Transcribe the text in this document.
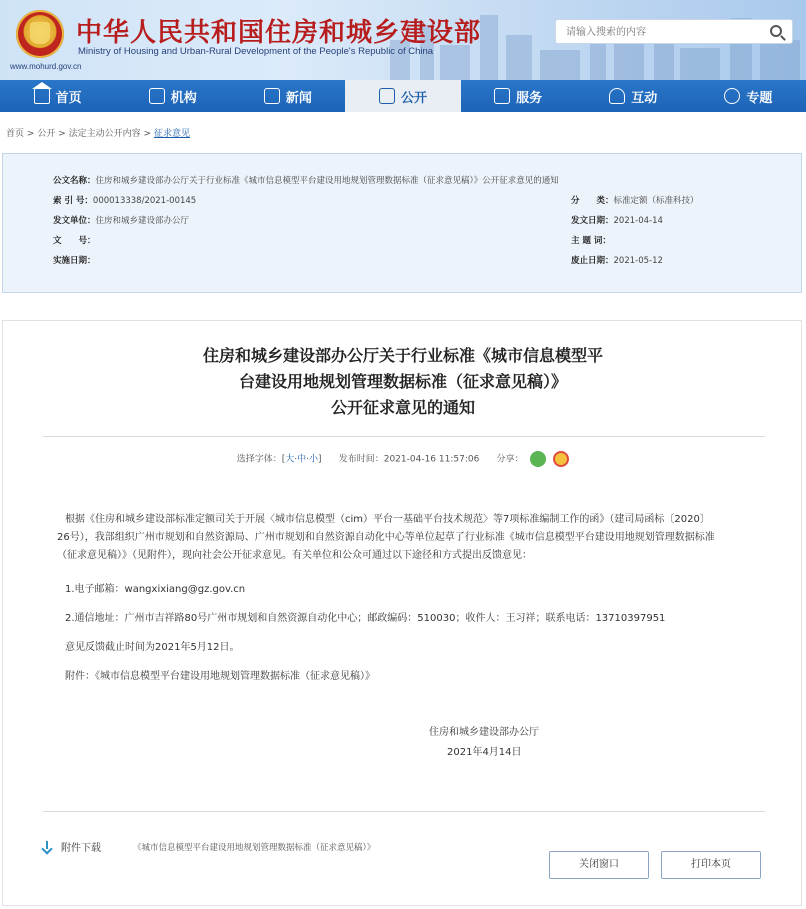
中华人民共和国住房和城乡建设部
Ministry of Housing and Urban-Rural Development of the People's Republic of China
www.mohurd.gov.cn
请输入搜索的内容
首页	机构	新闻	公开	服务	互动	专题
首页 > 公开 > 法定主动公开内容 > 征求意见
公文名称：住房和城乡建设部办公厅关于行业标准《城市信息模型平台建设用地规划管理数据标准（征求意见稿）》公开征求意见的通知
索 引 号：000013338/2021-00145	分　　类：标准定额（标准科技）
发文单位：住房和城乡建设部办公厅	发文日期：2021-04-14
文　　号：	主 题 词：
实施日期：	废止日期：2021-05-12
住房和城乡建设部办公厅关于行业标准《城市信息模型平
台建设用地规划管理数据标准（征求意见稿）》
公开征求意见的通知
选择字体：[大·中·小] 发布时间：2021-04-16 11:57:06 分享：
根据《住房和城乡建设部标准定额司关于开展〈城市信息模型（cim）平台一基础平台技术规范〉等7项标准编制工作的函》（建司局函标〔2020〕
26号），我部组织广州市规划和自然资源局、广州市规划和自然资源自动化中心等单位起草了行业标准《城市信息模型平台建设用地规划管理数据标准
（征求意见稿）》（见附件），现向社会公开征求意见。有关单位和公众可通过以下途径和方式提出反馈意见：
1.电子邮箱：wangxixiang@gz.gov.cn
2.通信地址：广州市吉祥路80号广州市规划和自然资源自动化中心；邮政编码：510030；收件人：王习祥；联系电话：13710397951
意见反馈截止时间为2021年5月12日。
附件：《城市信息模型平台建设用地规划管理数据标准（征求意见稿）》
住房和城乡建设部办公厅
2021年4月14日
附件下载	《城市信息模型平台建设用地规划管理数据标准（征求意见稿）》
关闭窗口	打印本页
